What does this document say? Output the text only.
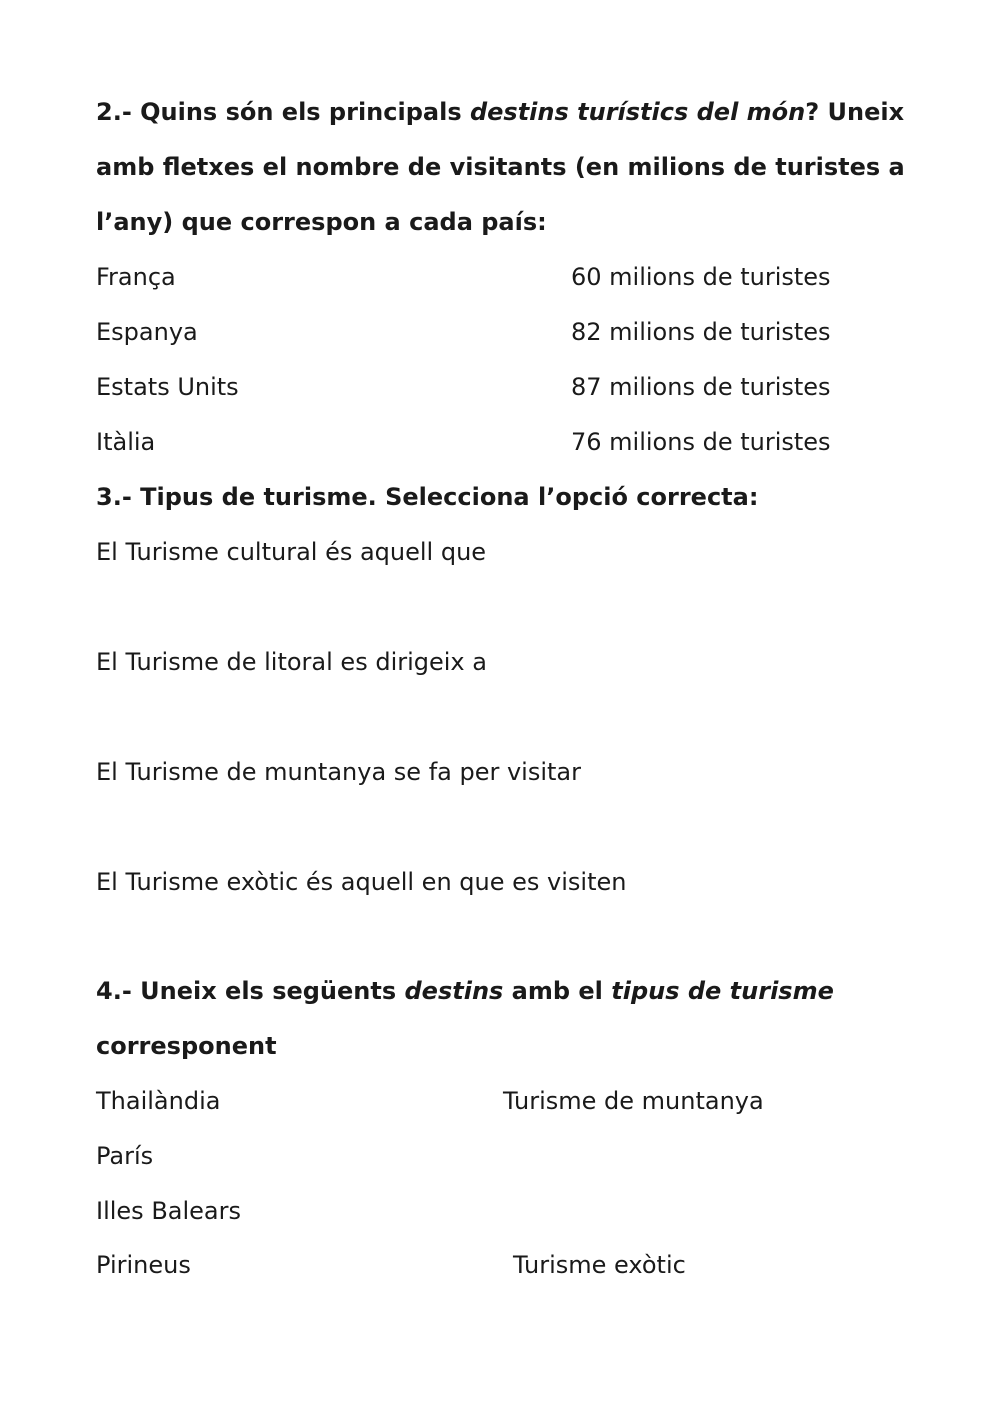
2.- Quins són els principals destins turístics del món? Uneix
amb fletxes el nombre de visitants (en milions de turistes a
l’any) que correspon a cada país:
França	60 milions de turistes
Espanya	82 milions de turistes
Estats Units	87 milions de turistes
Itàlia	76 milions de turistes
3.- Tipus de turisme. Selecciona l’opció correcta:
El Turisme cultural és aquell que
El Turisme de litoral es dirigeix a
El Turisme de muntanya se fa per visitar
El Turisme exòtic és aquell en que es visiten
4.- Uneix els següents destins amb el tipus de turisme
corresponent
Thailàndia	Turisme de muntanya
París
Illes Balears
Pirineus	Turisme exòtic
